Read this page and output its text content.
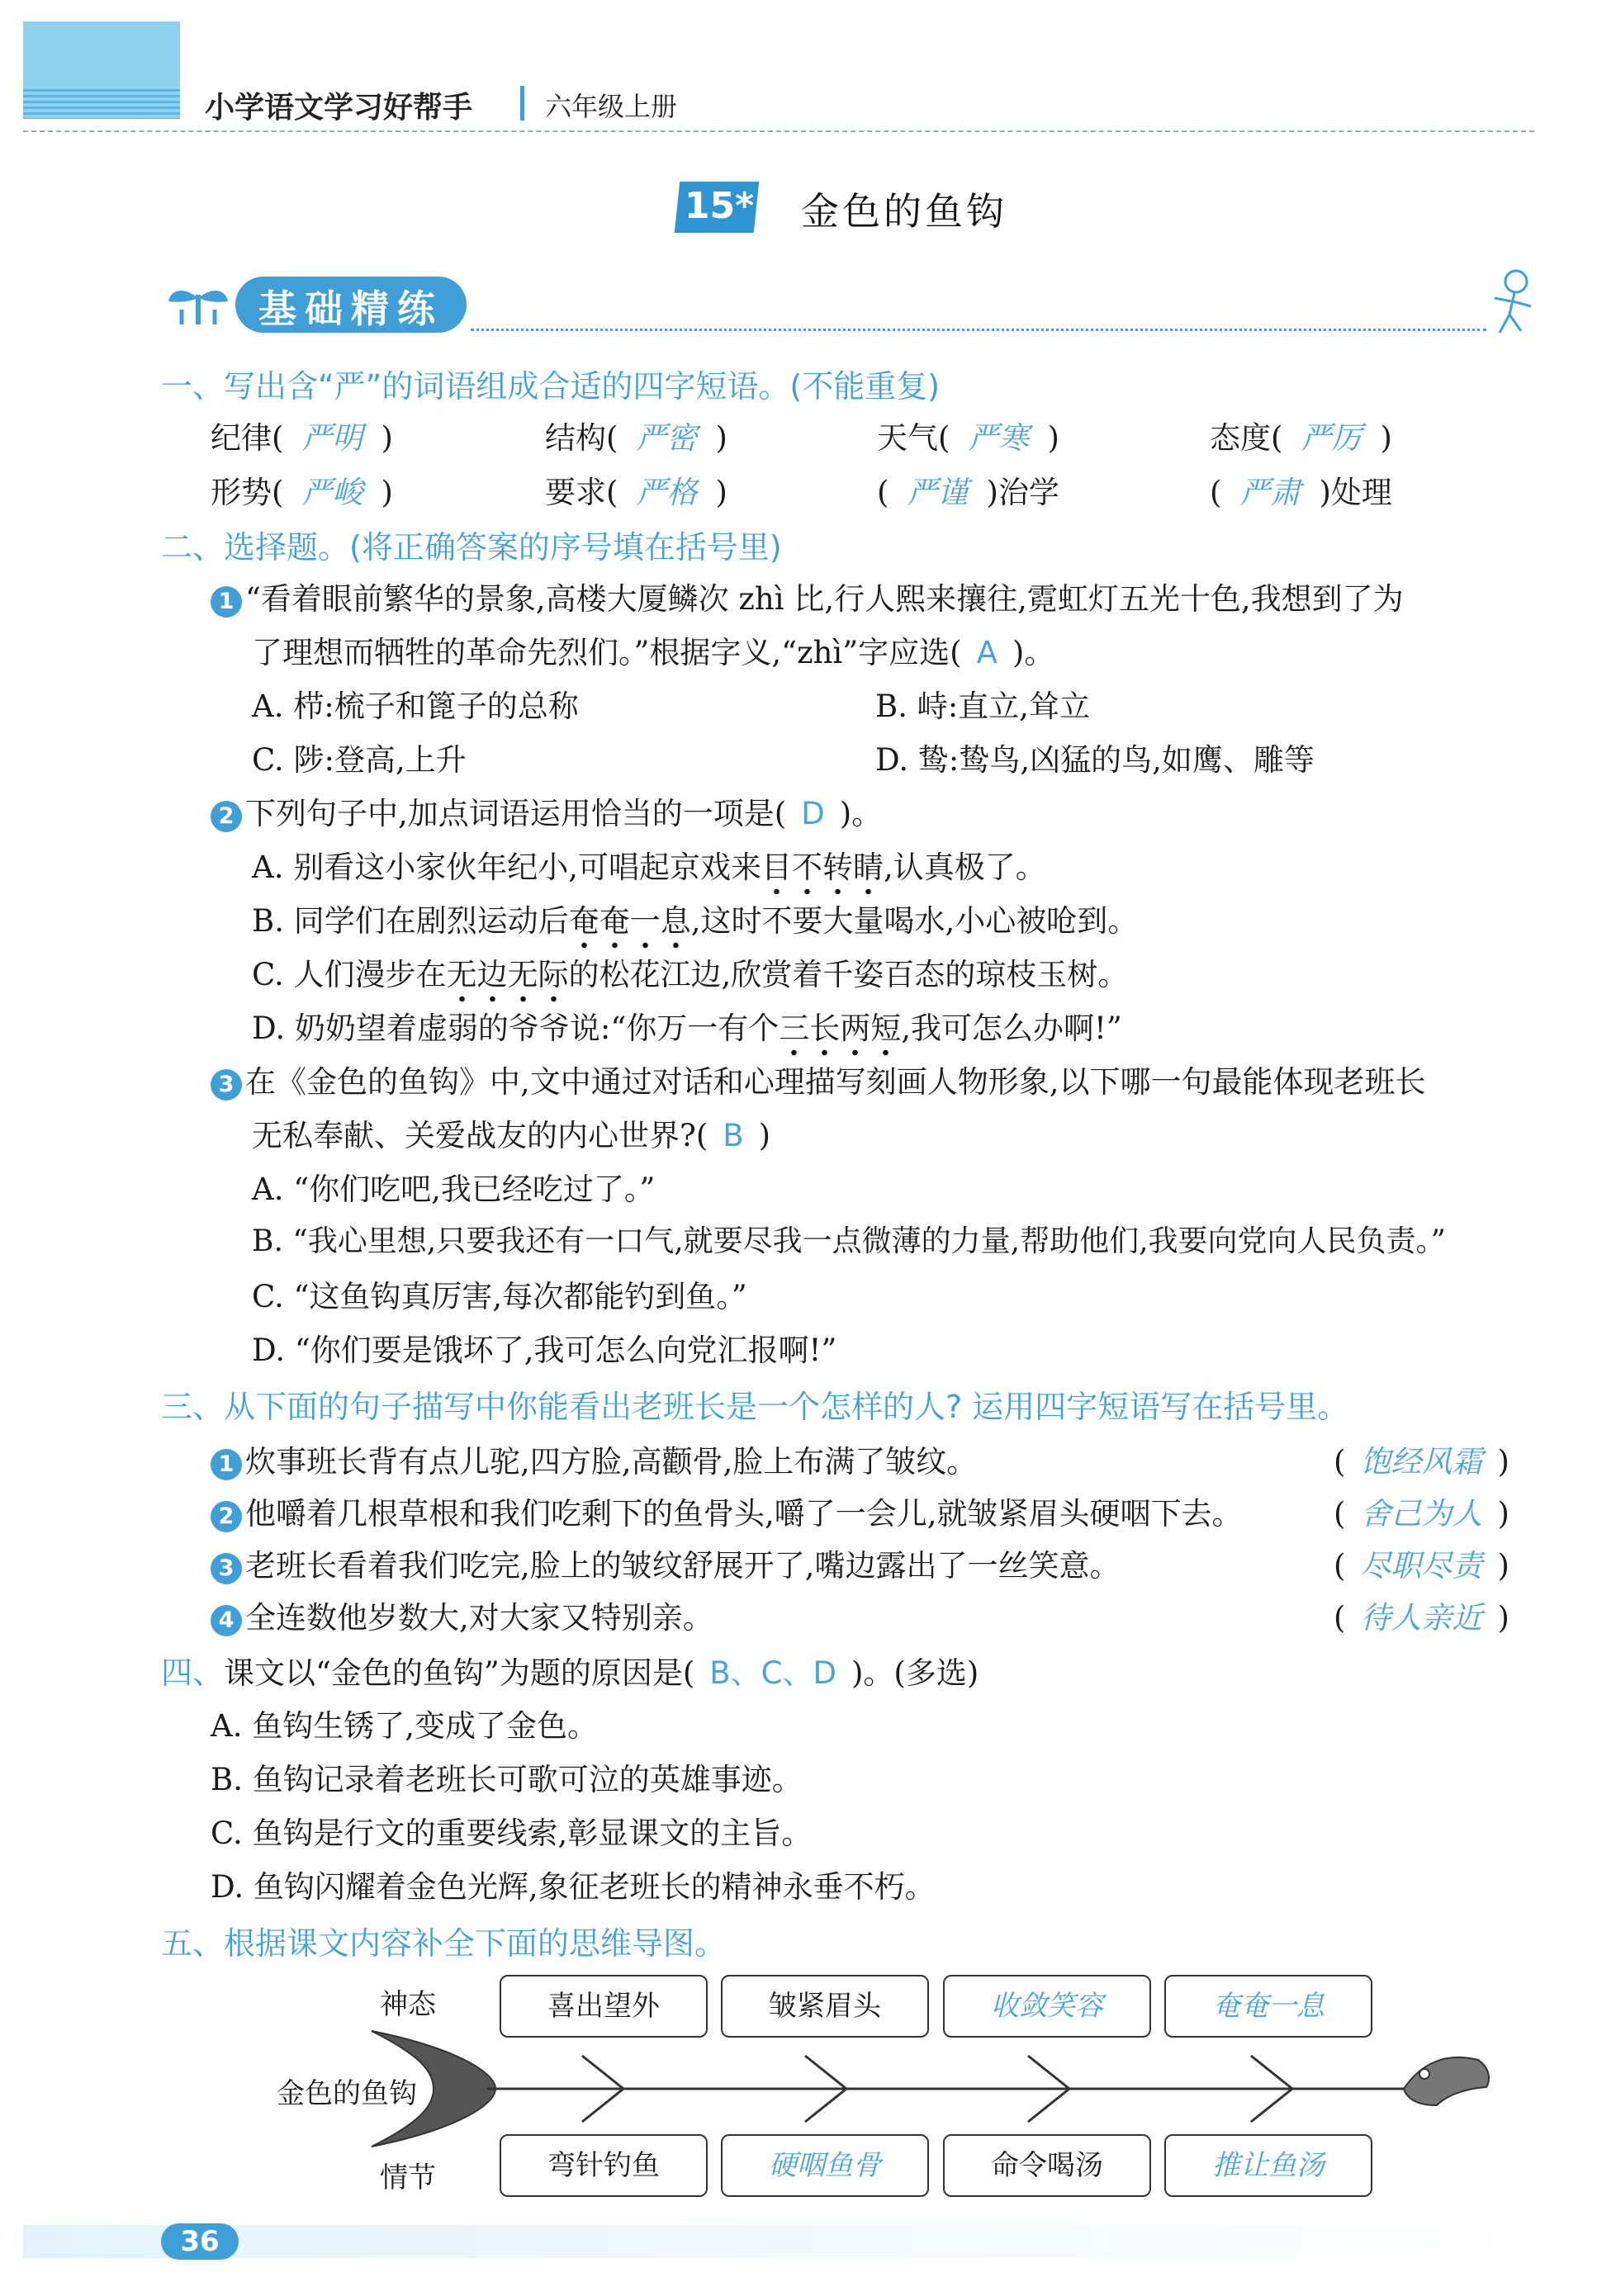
小学语文学习好帮手	六年级上册
15* 金色的鱼钩
基础精练
一、写出含“严”的词语组成合适的四字短语。(不能重复)
纪律( 严明 )	结构( 严密 )	天气( 严寒 )	态度( 严厉 )
形势( 严峻 )	要求( 严格 )	( 严谨 )治学	( 严肃 )处理
二、选择题。(将正确答案的序号填在括号里)
1 “看着眼前繁华的景象,高楼大厦鳞次 zhì 比,行人熙来攘往,霓虹灯五光十色,我想到了为
了理想而牺牲的革命先烈们。”根据字义,“zhì”字应选( A )。
A. 栉:梳子和篦子的总称	B. 峙:直立,耸立
C. 陟:登高,上升	D. 鸷:鸷鸟,凶猛的鸟,如鹰、雕等
2 下列句子中,加点词语运用恰当的一项是( D )。
A. 别看这小家伙年纪小,可唱起京戏来目不转睛,认真极了。
B. 同学们在剧烈运动后奄奄一息,这时不要大量喝水,小心被呛到。
C. 人们漫步在无边无际的松花江边,欣赏着千姿百态的琼枝玉树。
D. 奶奶望着虚弱的爷爷说:“你万一有个三长两短,我可怎么办啊!”
3 在《金色的鱼钩》中,文中通过对话和心理描写刻画人物形象,以下哪一句最能体现老班长
无私奉献、关爱战友的内心世界?( B )
A. “你们吃吧,我已经吃过了。”
B. “我心里想,只要我还有一口气,就要尽我一点微薄的力量,帮助他们,我要向党向人民负责。”
C. “这鱼钩真厉害,每次都能钓到鱼。”
D. “你们要是饿坏了,我可怎么向党汇报啊!”
三、从下面的句子描写中你能看出老班长是一个怎样的人? 运用四字短语写在括号里。
1 炊事班长背有点儿驼,四方脸,高颧骨,脸上布满了皱纹。	( 饱经风霜 )
2 他嚼着几根草根和我们吃剩下的鱼骨头,嚼了一会儿,就皱紧眉头硬咽下去。	( 舍己为人 )
3 老班长看着我们吃完,脸上的皱纹舒展开了,嘴边露出了一丝笑意。	( 尽职尽责 )
4 全连数他岁数大,对大家又特别亲。	( 待人亲近 )
四、课文以“金色的鱼钩”为题的原因是( B、C、D )。(多选)
A. 鱼钩生锈了,变成了金色。
B. 鱼钩记录着老班长可歌可泣的英雄事迹。
C. 鱼钩是行文的重要线索,彰显课文的主旨。
D. 鱼钩闪耀着金色光辉,象征老班长的精神永垂不朽。
五、根据课文内容补全下面的思维导图。
神态
金色的鱼钩
情节
喜出望外	皱紧眉头	收敛笑容	奄奄一息
弯针钓鱼	硬咽鱼骨	命令喝汤	推让鱼汤
36
